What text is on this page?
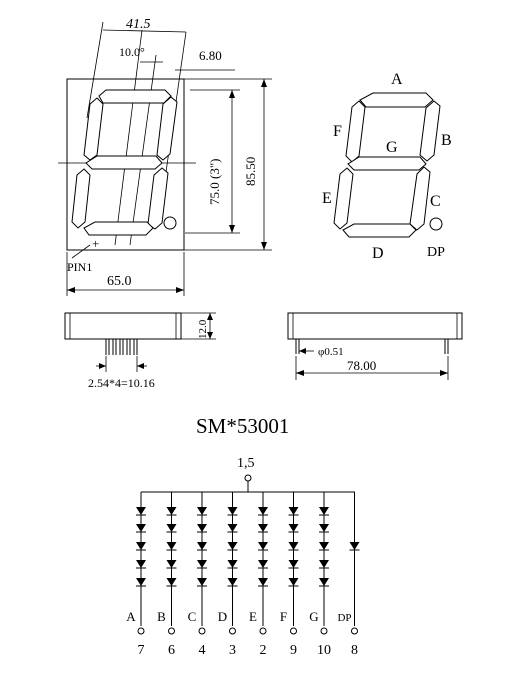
+
41.5
10.0°	6.80
75.0 (3") 85.50
PIN1
65.0
A
B
C
D
E
F
G
DP
12.0
2.54*4=10.16
φ0.51
78.00
SM*53001
1,5
A
7
B
6
C
4
D
3
E
2
F
9
G
10
DP
8
